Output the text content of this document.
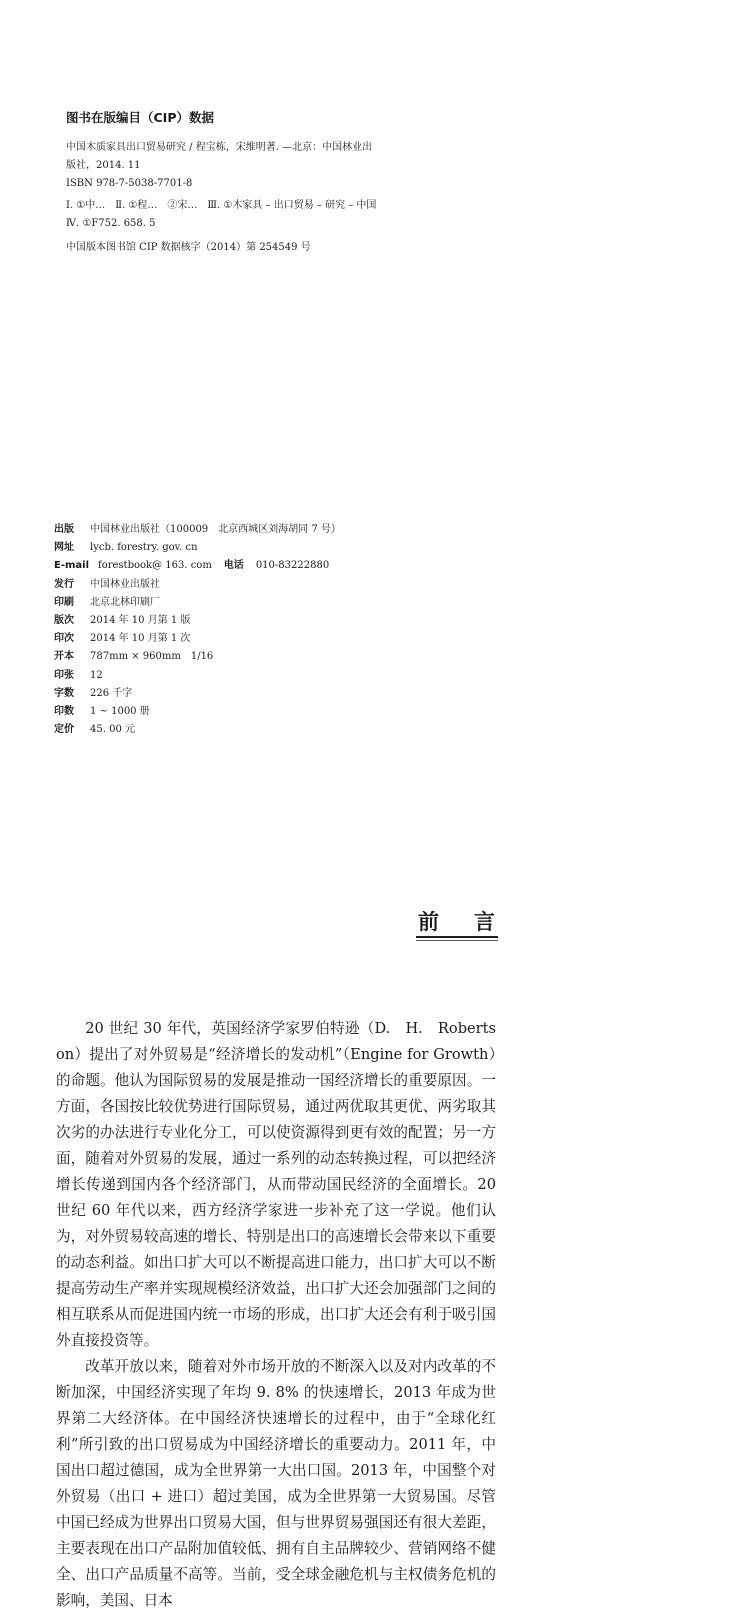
图书在版编目（CIP）数据
中国木质家具出口贸易研究 / 程宝栋，宋维明著. —北京：中国林业出
版社，2014. 11
ISBN 978-7-5038-7701-8
Ⅰ. ①中…　Ⅱ. ①程…　②宋…　Ⅲ. ①木家具 – 出口贸易 – 研究 – 中国
Ⅳ. ①F752. 658. 5
中国版本图书馆 CIP 数据核字（2014）第 254549 号
出版	中国林业出版社（100009　北京西城区刘海胡同 7 号）
网址	lycb. forestry. gov. cn
E-mail forestbook@ 163. com 电话 010-83222880
发行	中国林业出版社
印刷	北京北林印刷厂
版次	2014 年 10 月第 1 版
印次	2014 年 10 月第 1 次
开本	787mm × 960mm　1/16
印张	12
字数	226 千字
印数	1 ~ 1000 册
定价	45. 00 元
前 言

20 世纪 30 年代，英国经济学家罗伯特逊（D.　H.　Robertson）提出了对外贸易是“经济增长的发动机”（Engine for Growth）的命题。他认为国际贸易的发展是推动一国经济增长的重要原因。一方面，各国按比较优势进行国际贸易，通过两优取其更优、两劣取其次劣的办法进行专业化分工，可以使资源得到更有效的配置；另一方面，随着对外贸易的发展，通过一系列的动态转换过程，可以把经济增长传递到国内各个经济部门，从而带动国民经济的全面增长。20 世纪 60 年代以来，西方经济学家进一步补充了这一学说。他们认为，对外贸易较高速的增长、特别是出口的高速增长会带来以下重要的动态利益。如出口扩大可以不断提高进口能力，出口扩大可以不断提高劳动生产率并实现规模经济效益，出口扩大还会加强部门之间的相互联系从而促进国内统一市场的形成，出口扩大还会有利于吸引国外直接投资等。

改革开放以来，随着对外市场开放的不断深入以及对内改革的不断加深，中国经济实现了年均 9. 8% 的快速增长，2013 年成为世界第二大经济体。在中国经济快速增长的过程中，由于“全球化红利”所引致的出口贸易成为中国经济增长的重要动力。2011 年，中国出口超过德国，成为全世界第一大出口国。2013 年，中国整个对外贸易（出口 + 进口）超过美国，成为全世界第一大贸易国。尽管中国已经成为世界出口贸易大国，但与世界贸易强国还有很大差距，主要表现在出口产品附加值较低、拥有自主品牌较少、营销网络不健全、出口产品质量不高等。当前，受全球金融危机与主权债务危机的影响，美国、日本
